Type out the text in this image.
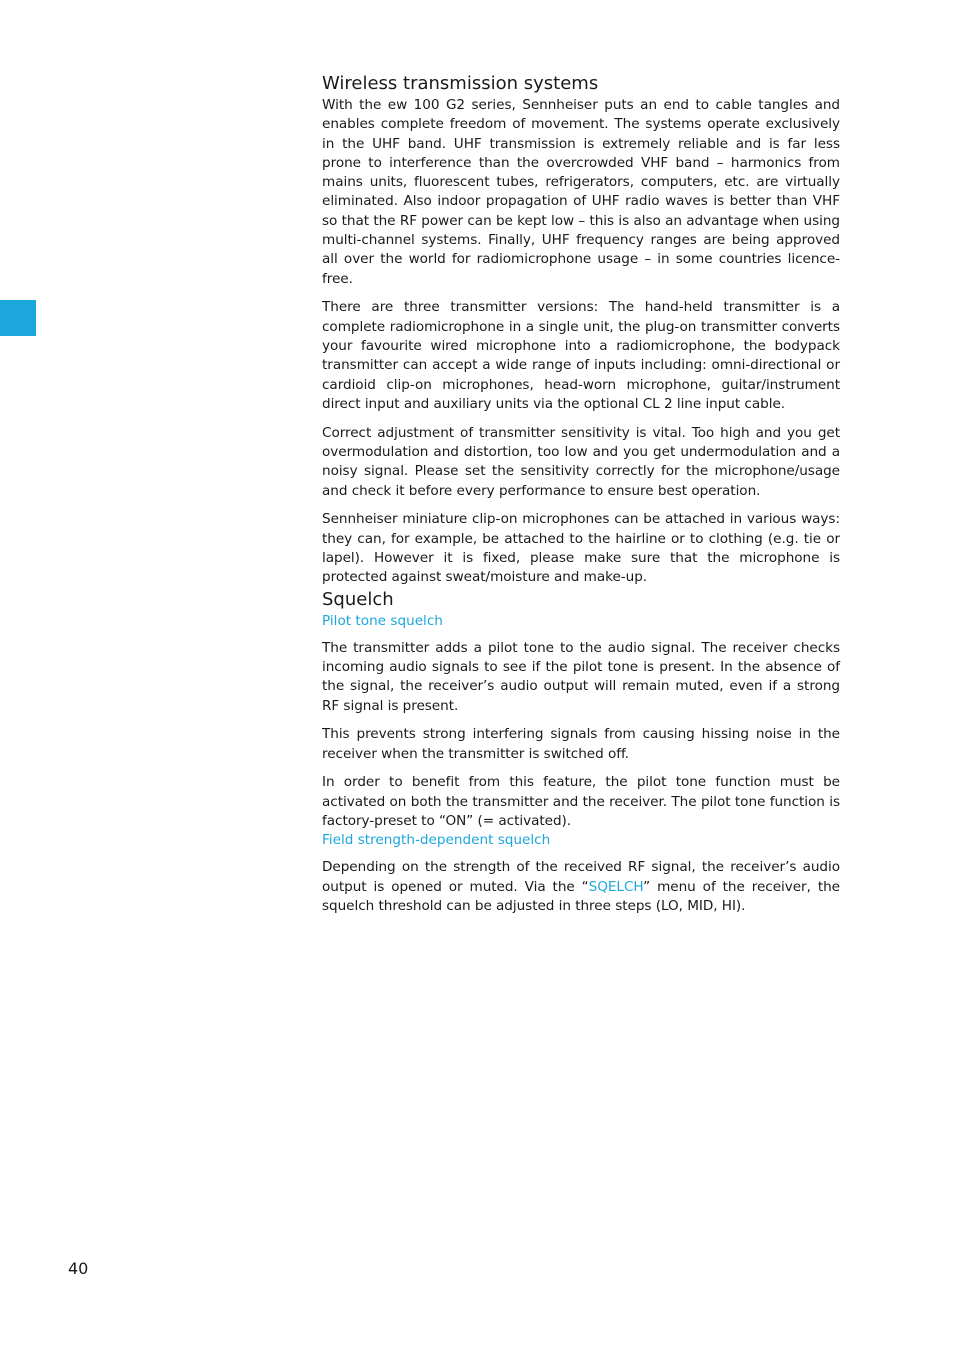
Wireless transmission systems

With the ew 100 G2 series, Sennheiser puts an end to cable tangles and enables complete freedom of movement. The systems operate exclusively in the UHF band. UHF transmission is extremely reliable and is far less prone to interference than the overcrowded VHF band – harmonics from mains units, fluorescent tubes, refrigerators, computers, etc. are virtually eliminated. Also indoor propagation of UHF radio waves is better than VHF so that the RF power can be kept low – this is also an advantage when using multi-channel systems. Finally, UHF frequency ranges are being approved all over the world for radiomicrophone usage – in some countries licence-free.

There are three transmitter versions: The hand-held transmitter is a complete radiomicrophone in a single unit, the plug-on transmitter converts your favourite wired microphone into a radiomicrophone, the bodypack transmitter can accept a wide range of inputs including: omni-directional or cardioid clip-on microphones, head-worn microphone, guitar/instrument direct input and auxiliary units via the optional CL 2 line input cable.

Correct adjustment of transmitter sensitivity is vital. Too high and you get overmodulation and distortion, too low and you get undermodulation and a noisy signal. Please set the sensitivity correctly for the microphone/usage and check it before every performance to ensure best operation.

Sennheiser miniature clip-on microphones can be attached in various ways: they can, for example, be attached to the hairline or to clothing (e.g. tie or lapel). However it is fixed, please make sure that the microphone is protected against sweat/moisture and make-up.

Squelch
Pilot tone squelch

The transmitter adds a pilot tone to the audio signal. The receiver checks incoming audio signals to see if the pilot tone is present. In the absence of the signal, the receiver’s audio output will remain muted, even if a strong RF signal is present.

This prevents strong interfering signals from causing hissing noise in the receiver when the transmitter is switched off.

In order to benefit from this feature, the pilot tone function must be activated on both the transmitter and the receiver. The pilot tone function is factory-preset to “ON” (= activated).

Field strength-dependent squelch

Depending on the strength of the received RF signal, the receiver’s audio output is opened or muted. Via the “SQELCH” menu of the receiver, the squelch threshold can be adjusted in three steps (LO, MID, HI).

40
